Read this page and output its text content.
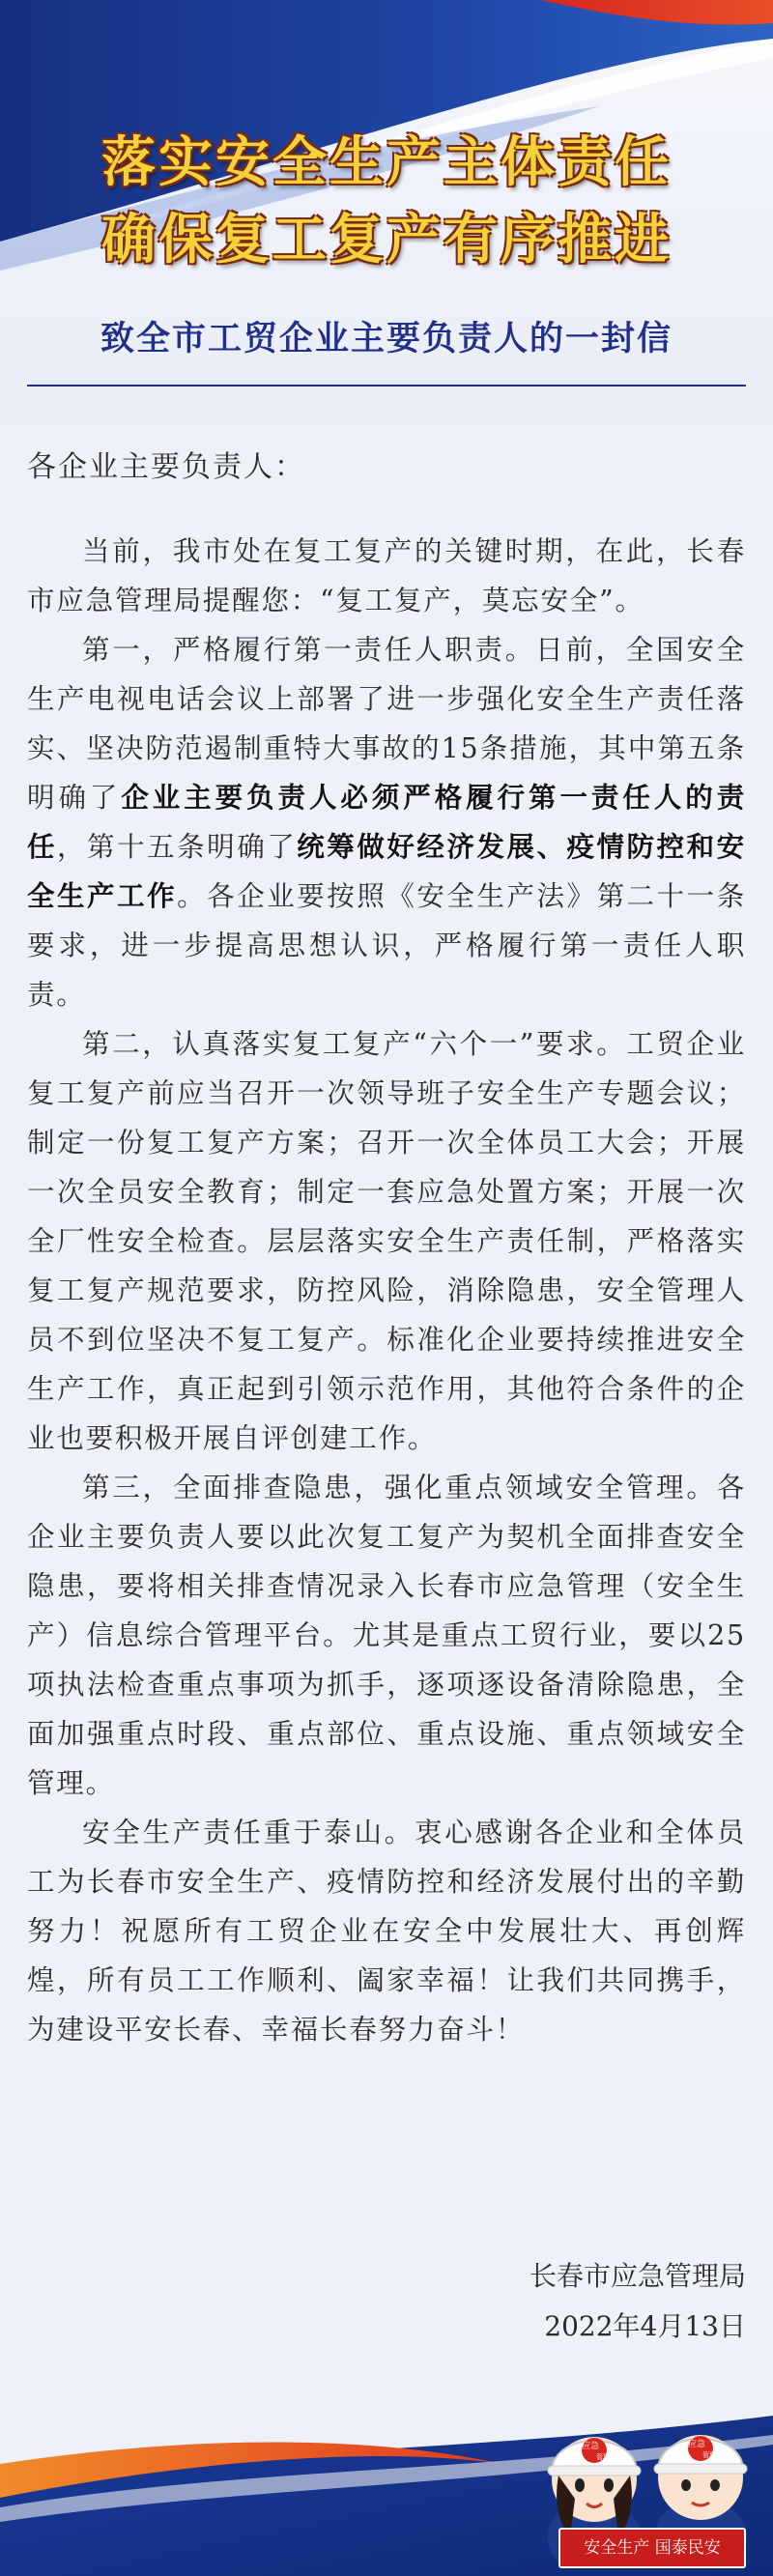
落实安全生产主体责任
确保复工复产有序推进
致全市工贸企业主要负责人的一封信
各企业主要负责人：

当前，我市处在复工复产的关键时期，在此，长春市应急管理局提醒您：“复工复产，莫忘安全”。

第一，严格履行第一责任人职责。日前，全国安全生产电视电话会议上部署了进一步强化安全生产责任落实、坚决防范遏制重特大事故的15条措施，其中第五条明确了企业主要负责人必须严格履行第一责任人的责任，第十五条明确了统筹做好经济发展、疫情防控和安全生产工作。各企业要按照《安全生产法》第二十一条要求，进一步提高思想认识，严格履行第一责任人职责。

第二，认真落实复工复产“六个一”要求。工贸企业复工复产前应当召开一次领导班子安全生产专题会议；制定一份复工复产方案；召开一次全体员工大会；开展一次全员安全教育；制定一套应急处置方案；开展一次全厂性安全检查。层层落实安全生产责任制，严格落实复工复产规范要求，防控风险，消除隐患，安全管理人员不到位坚决不复工复产。标准化企业要持续推进安全生产工作，真正起到引领示范作用，其他符合条件的企业也要积极开展自评创建工作。

第三，全面排查隐患，强化重点领域安全管理。各企业主要负责人要以此次复工复产为契机全面排查安全隐患，要将相关排查情况录入长春市应急管理（安全生产）信息综合管理平台。尤其是重点工贸行业，要以25项执法检查重点事项为抓手，逐项逐设备清除隐患，全面加强重点时段、重点部位、重点设施、重点领域安全管理。

安全生产责任重于泰山。衷心感谢各企业和全体员工为长春市安全生产、疫情防控和经济发展付出的辛勤努力！祝愿所有工贸企业在安全中发展壮大、再创辉煌，所有员工工作顺利、阖家幸福！让我们共同携手，为建设平安长春、幸福长春努力奋斗！

长春市应急管理局
2022年4月13日
应急
管理
应急
管理
安全生产 国泰民安
